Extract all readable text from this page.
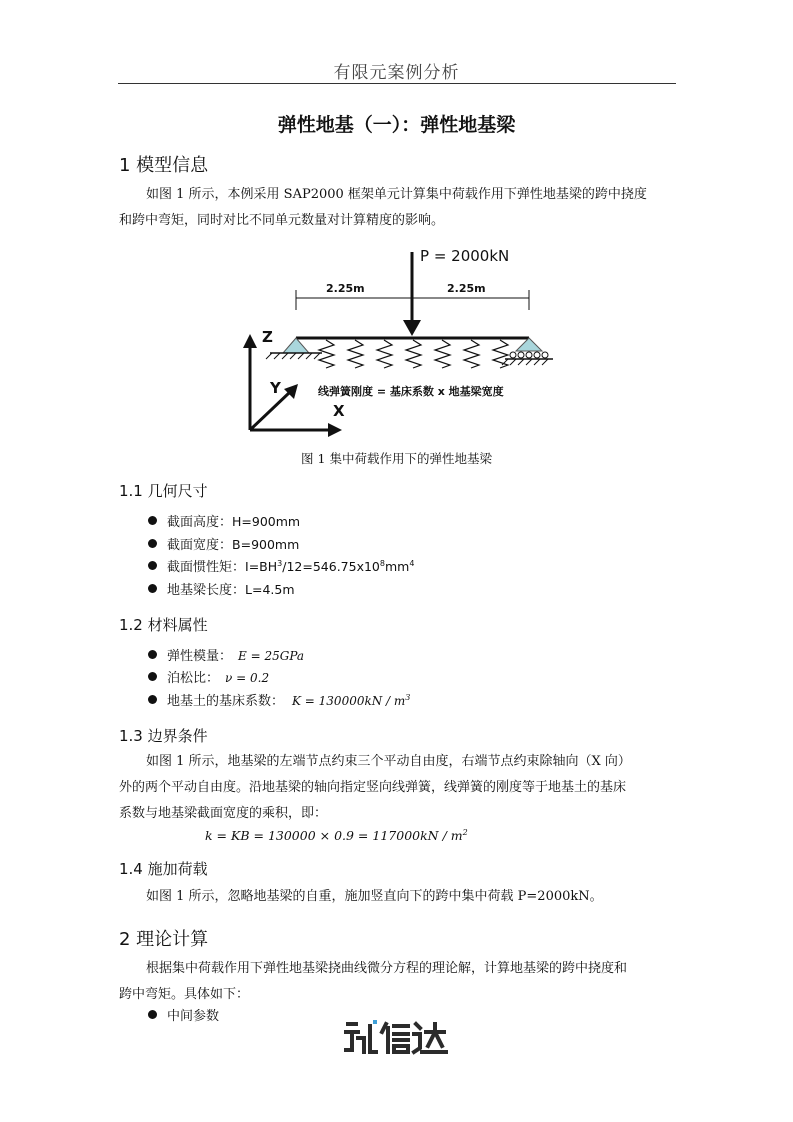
有限元案例分析
弹性地基（一）：弹性地基梁
1 模型信息
如图 1 所示，本例采用 SAP2000 框架单元计算集中荷载作用下弹性地基梁的跨中挠度
和跨中弯矩，同时对比不同单元数量对计算精度的影响。
P = 2000kN
2.25m	2.25m
线弹簧刚度 = 基床系数 x 地基梁宽度
Z
Y
X
图 1 集中荷载作用下的弹性地基梁
1.1 几何尺寸
截面高度：H=900mm
截面宽度：B=900mm
截面惯性矩：$I=BH^3/12=546.75x10^8mm^4$
地基梁长度：L=4.5m
1.2 材料属性
弹性模量： E = 25GPa
泊松比： ν = 0.2
地基土的基床系数： $K = 130000kN / m^3$
1.3 边界条件
如图 1 所示，地基梁的左端节点约束三个平动自由度，右端节点约束除轴向（X 向）
外的两个平动自由度。沿地基梁的轴向指定竖向线弹簧，线弹簧的刚度等于地基土的基床
系数与地基梁截面宽度的乘积，即：
k = KB = $130000 \times 0.9 = 117000kN / m^2$
1.4 施加荷载
如图 1 所示，忽略地基梁的自重，施加竖直向下的跨中集中荷载 P=2000kN。
2 理论计算
根据集中荷载作用下弹性地基梁挠曲线微分方程的理论解，计算地基梁的跨中挠度和
跨中弯矩。具体如下：
中间参数
